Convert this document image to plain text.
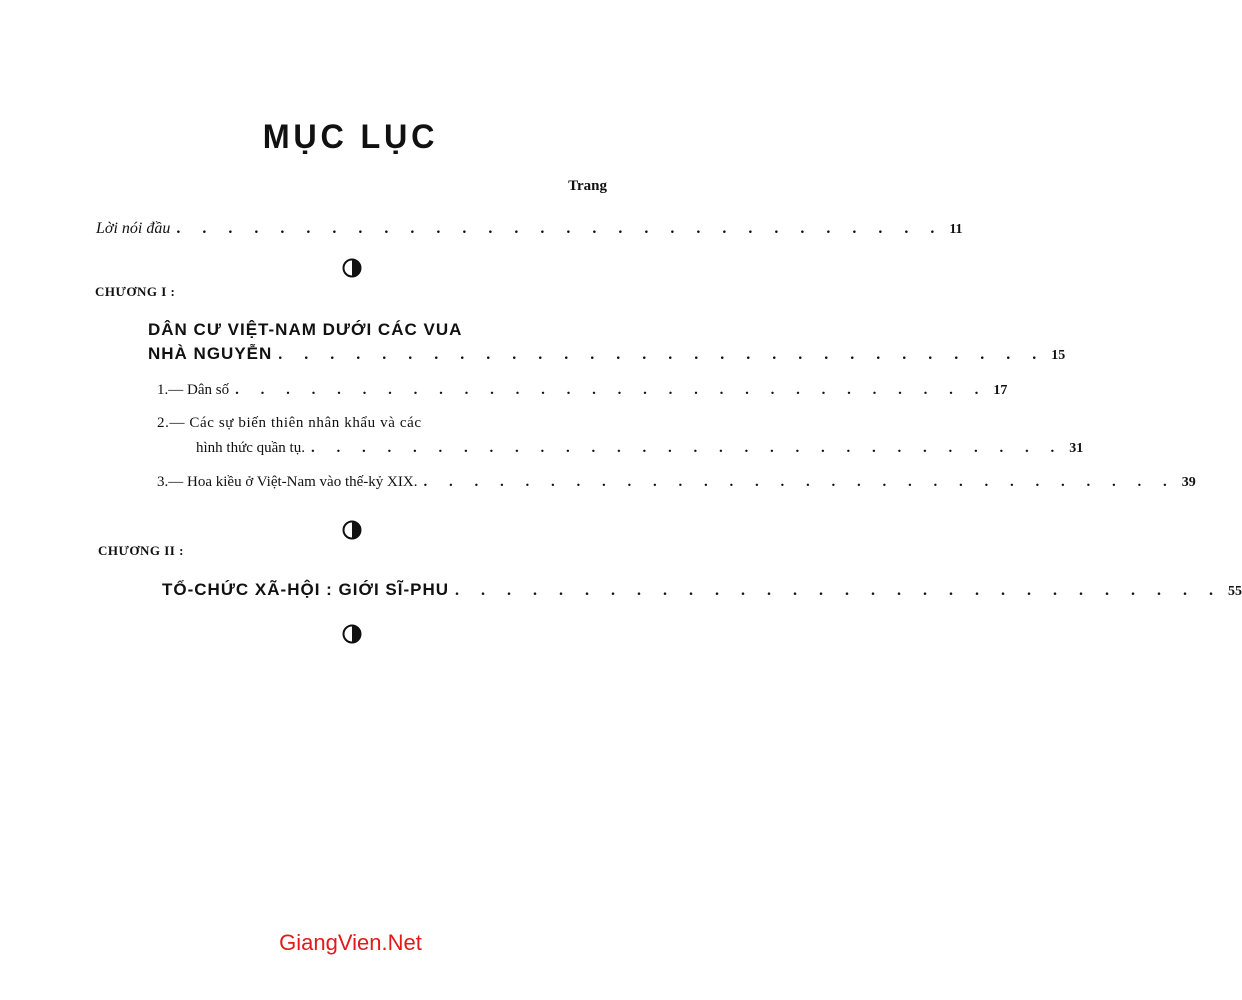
MỤC LỤC
Trang
Lời nói đầu . . . . . . . . . . . . . . . . . . . . . . . . . . . . . . 11
CHƯƠNG I :
DÂN CƯ VIỆT-NAM DƯỚI CÁC VUA
NHÀ NGUYỄN . . . . . . . . . . . . . . . . . . . . . . . . . . . . . . 15
1.— Dân số . . . . . . . . . . . . . . . . . . . . . . . . . . . . . . 17
2.— Các sự biến thiên nhân khẩu và các
hình thức quần tụ. . . . . . . . . . . . . . . . . . . . . . . . . . . . . . . 31
3.— Hoa kiều ở Việt-Nam vào thế-kỷ XIX. . . . . . . . . . . . . . . . . . . . . . . . . . . . . . . 39
CHƯƠNG II :
TỔ-CHỨC XÃ-HỘI : GIỚI SĨ-PHU . . . . . . . . . . . . . . . . . . . . . . . . . . . . . . 55
GiangVien.Net
